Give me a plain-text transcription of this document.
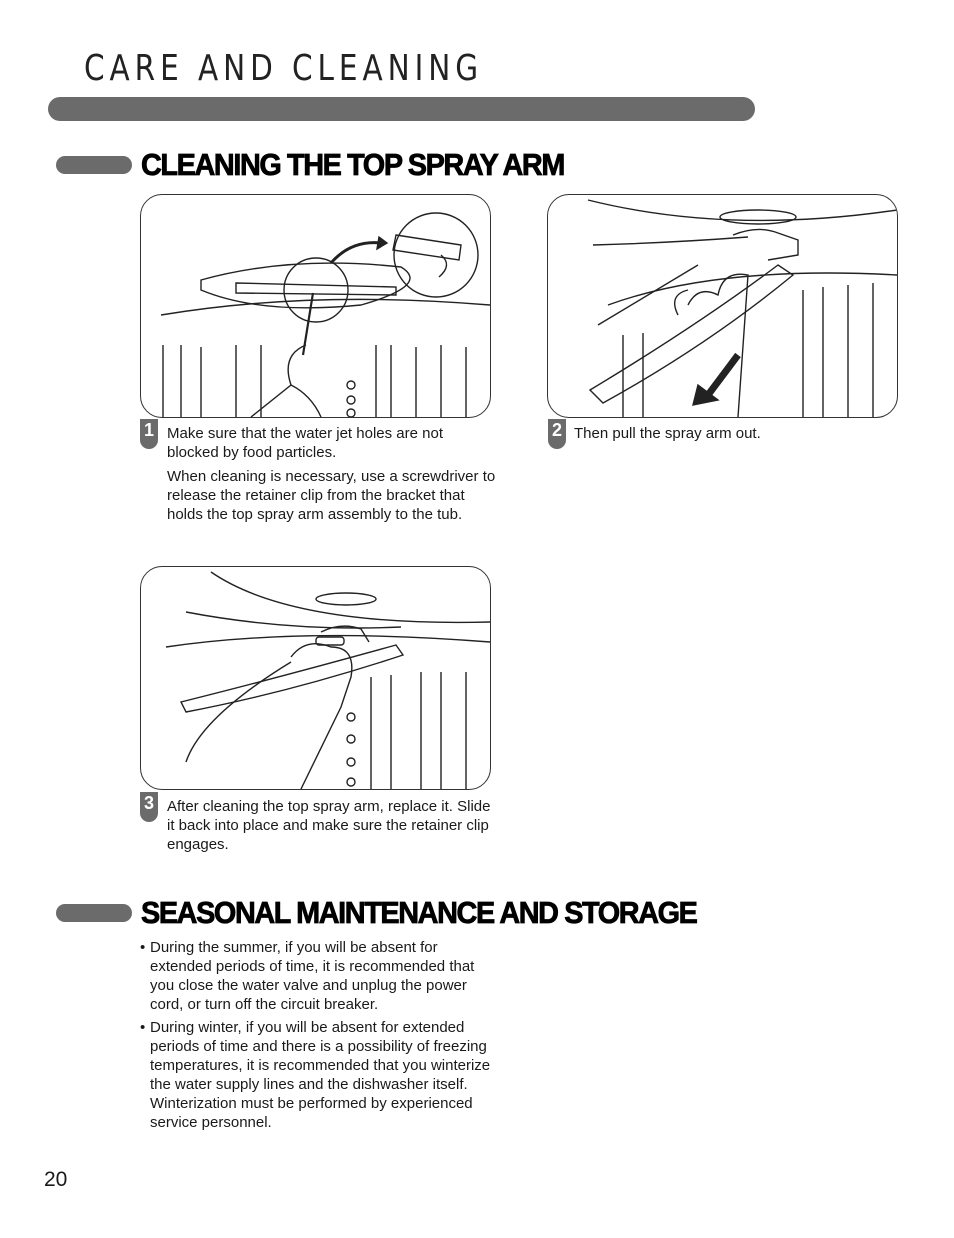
CARE AND CLEANING
CLEANING THE TOP SPRAY ARM
1 Make sure that the water jet holes are not blocked by food particles.

When cleaning is necessary, use a screwdriver to release the retainer clip from the bracket that holds the top spray arm assembly to the tub.

2 Then pull the spray arm out.

3 After cleaning the top spray arm, replace it. Slide it back into place and make sure the retainer clip engages.

SEASONAL MAINTENANCE AND STORAGE
• During the summer, if you will be absent for extended periods of time, it is recommended that you close the water valve and unplug the power cord, or turn off the circuit breaker.
• During winter, if you will be absent for extended periods of time and there is a possibility of freezing temperatures, it is recommended that you winterize the water supply lines and the dishwasher itself. Winterization must be performed by experienced service personnel.
20
